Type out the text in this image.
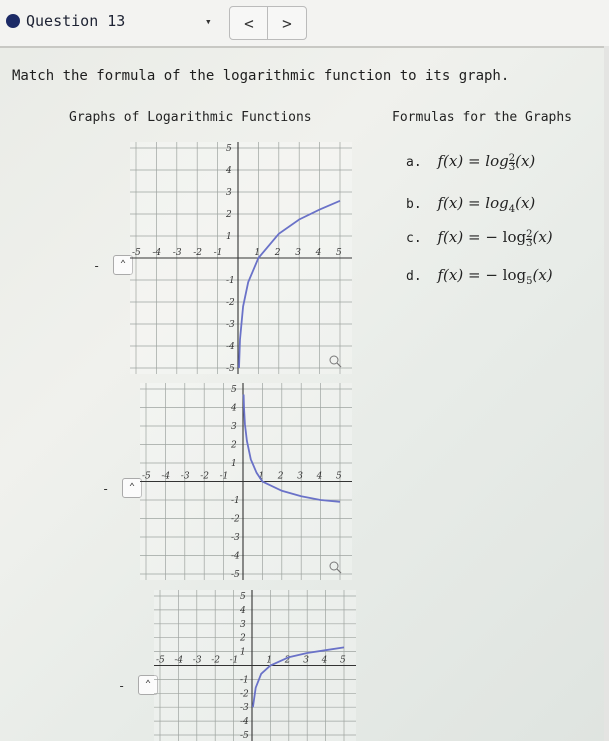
Question 13	▾ < >
Match the formula of the logarithmic function to its graph.
Graphs of Logarithmic Functions	Formulas for the Graphs
a. $f(x) = \log \frac{2}{3} (x)$
b. $f(x) = \log_4(x)$
c. f(x) = − $\log \frac{2}{3} (x)$
d. f(x) = − $\log_5(x)$
-	⌃
-	⌃
-	⌃
-5 -4 -3 -2 -1	1 2 3 4 5
5
4
3
2
1
-1
-2
-3
-4
-5
-5 -4 -3 -2 -1	1 2 3 4 5
5
4
3
2
1
-1
-2
-3
-4
-5
-5 -4 -3 -2 -1	1 2 3 4 5
5
4
3
2
1
-1
-2
-3
-4
-5
